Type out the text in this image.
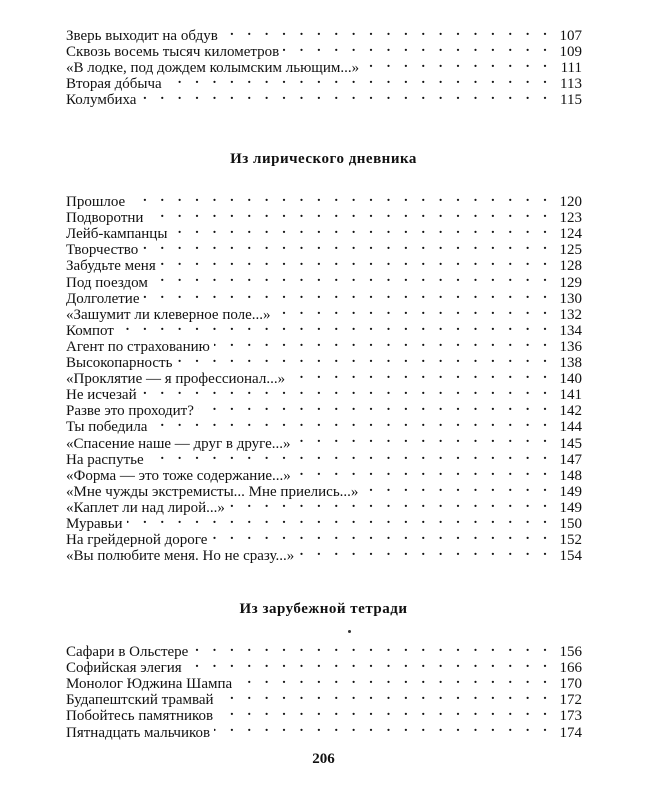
Зверь выходит на обдув . . .	107
Сквозь восемь тысяч километров . . .	109
«В лодке, под дождем колымским льющим...» . . .	111
Вторая дóбыча . . .	113
Колумбиха . . .	115
Из лирического дневника
Прошлое . . .	120
Подворотни . . .	123
Лейб-кампанцы . . .	124
Творчество . . .	125
Забудьте меня . . .	128
Под поездом . . .	129
Долголетие . . .	130
«Зашумит ли клеверное поле...» . . .	132
Компот . . .	134
Агент по страхованию . . .	136
Высокопарность . . .	138
«Проклятие — я профессионал...» . . .	140
Не исчезай . . .	141
Разве это проходит? . . .	142
Ты победила . . .	144
«Спасение наше — друг в друге...» . . .	145
На распутье . . .	147
«Форма — это тоже содержание...» . . .	148
«Мне чужды экстремисты... Мне приелись...» . . .	149
«Каплет ли над лирой...» . . .	149
Муравьи . . .	150
На грейдерной дороге . . .	152
«Вы полюбите меня. Но не сразу...» . . .	154
Из зарубежной тетради
Сафари в Ольстере . . .	156
Софийская элегия . . .	166
Монолог Юджина Шампа . . .	170
Будапештский трамвай . . .	172
Побойтесь памятников . . .	173
Пятнадцать мальчиков . . .	174
206
